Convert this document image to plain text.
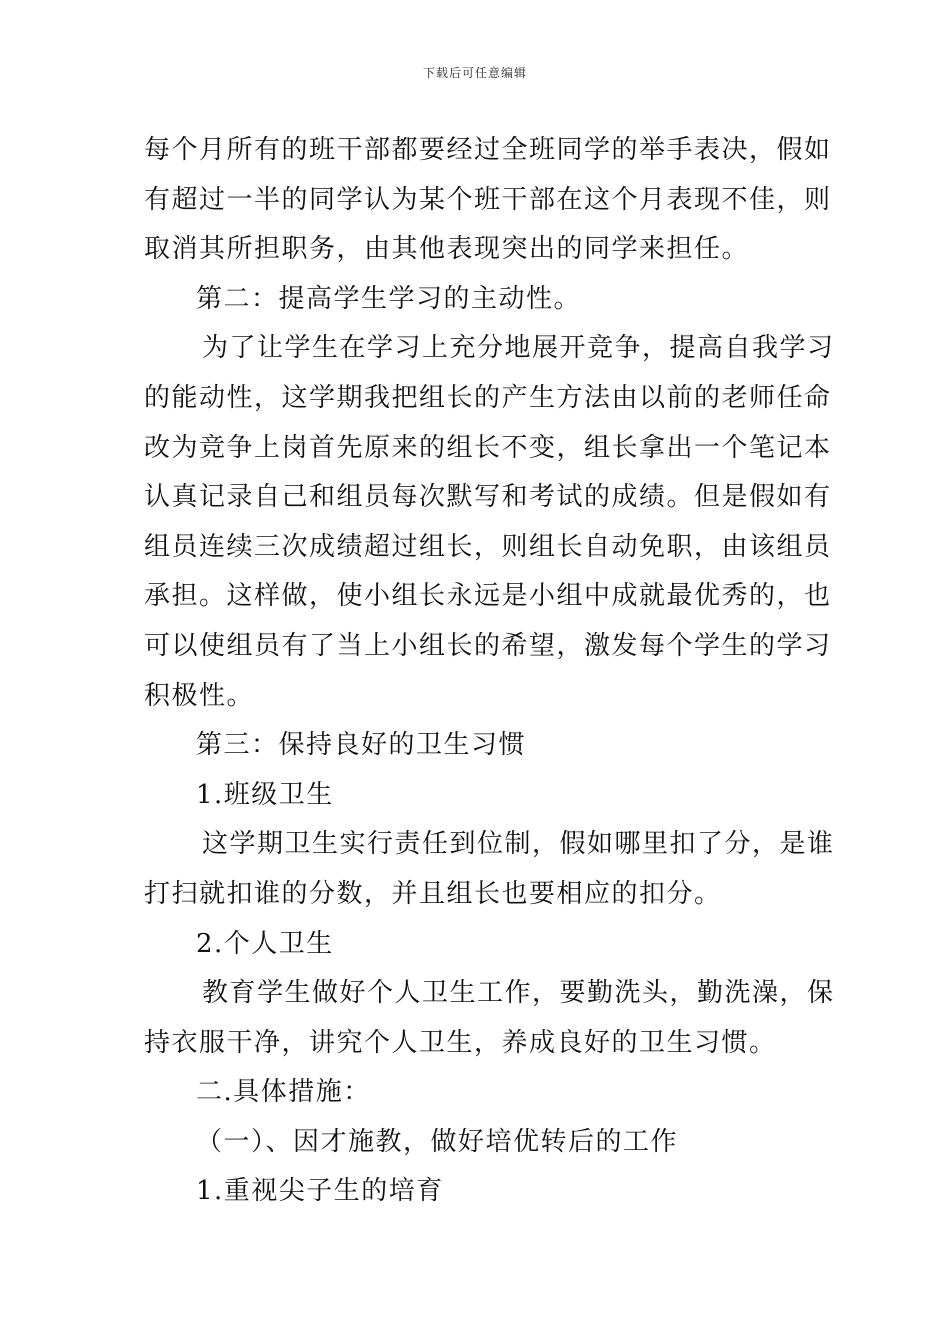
下载后可任意编辑
每个月所有的班干部都要经过全班同学的举手表决，假如
有超过一半的同学认为某个班干部在这个月表现不佳，则
取消其所担职务，由其他表现突出的同学来担任。
第二：提高学生学习的主动性。
为了让学生在学习上充分地展开竞争，提高自我学习
的能动性，这学期我把组长的产生方法由以前的老师任命
改为竞争上岗首先原来的组长不变，组长拿出一个笔记本
认真记录自己和组员每次默写和考试的成绩。但是假如有
组员连续三次成绩超过组长，则组长自动免职，由该组员
承担。这样做，使小组长永远是小组中成就最优秀的，也
可以使组员有了当上小组长的希望，激发每个学生的学习
积极性。
第三：保持良好的卫生习惯
1.班级卫生
这学期卫生实行责任到位制，假如哪里扣了分，是谁
打扫就扣谁的分数，并且组长也要相应的扣分。
2.个人卫生
教育学生做好个人卫生工作，要勤洗头，勤洗澡，保
持衣服干净，讲究个人卫生，养成良好的卫生习惯。
二.具体措施：
（一）、因才施教，做好培优转后的工作
1.重视尖子生的培育
